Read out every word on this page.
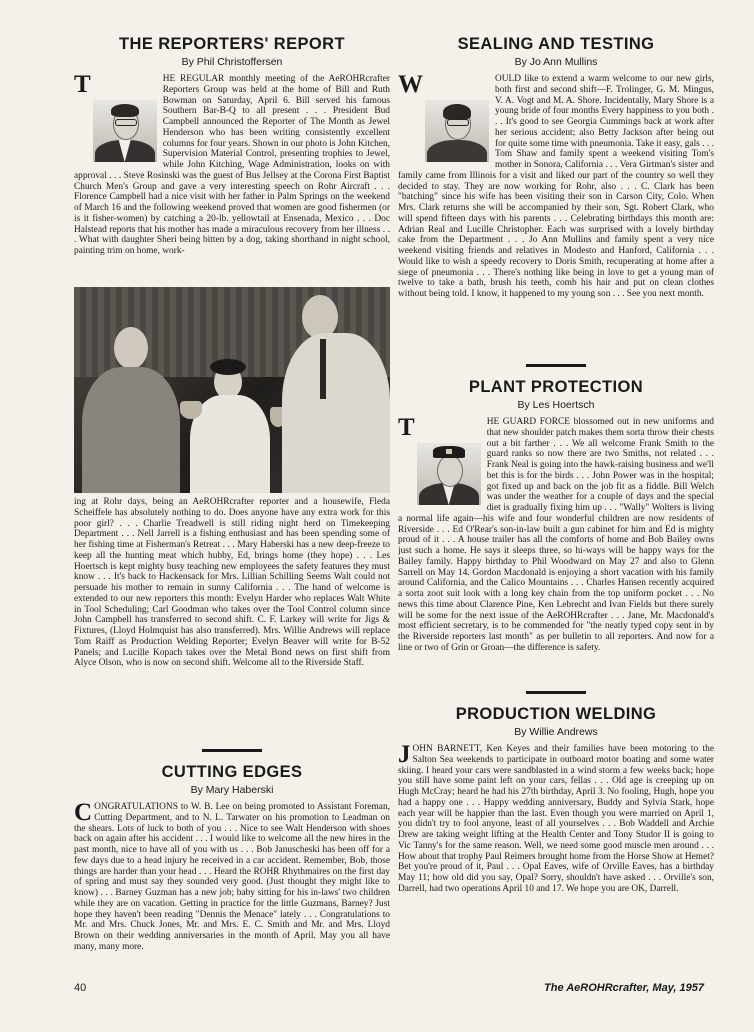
THE REPORTERS' REPORT
By Phil Christoffersen
T	HE REGULAR monthly meeting of the AeROHRcrafter Reporters Group was held at the home of Bill and Ruth Bowman on Saturday, April 6. Bill served his famous Southern Bar-B-Q to all present . . . President Bud Campbell announced the Reporter of The Month as Jewel Henderson who has been writing consistently excellent columns for four years. Shown in our photo is John Kitchen, Supervision Material Control, presenting trophies to Jewel, while John Kitching, Wage Administration, looks on with approval . . . Steve Rosinski was the guest of Bus Jellsey at the Corona First Baptist Church Men's Group and gave a very interesting speech on Rohr Aircraft . . . Florence Campbell had a nice visit with her father in Palm Springs on the weekend of March 16 and the following weekend proved that women are good fishermen (or is it fisher-women) by catching a 20-lb. yellowtail at Ensenada, Mexico . . . Doc Halstead reports that his mother has made a miraculous recovery from her illness . . . What with daughter Sheri being bitten by a dog, taking shorthand in night school, painting trim on home, work-
ing at Rohr days, being an AeROHRcrafter reporter and a housewife, Fleda Scheiffele has absolutely nothing to do. Does anyone have any extra work for this poor girl? . . . Charlie Treadwell is still riding night herd on Timekeeping Department . . . Nell Jarrell is a fishing enthusiast and has been spending some of her fishing time at Fisherman's Retreat . . . Mary Haberski has a new deep-freeze to keep all the hunting meat which hubby, Ed, brings home (they hope) . . . Les Hoertsch is kept mighty busy teaching new employees the safety features they must know . . . It's back to Hackensack for Mrs. Lillian Schilling Seems Walt could not persuade his mother to remain in sunny California . . . The hand of welcome is extended to our new reporters this month: Evelyn Harder who replaces Walt White in Tool Scheduling; Carl Goodman who takes over the Tool Control column since John Campbell has transferred to second shift. C. F. Larkey will write for Jigs & Fixtures, (Lloyd Holmquist has also transferred). Mrs. Willie Andrews will replace Tom Raiff as Production Welding Reporter; Evelyn Beaver will write for B-52 Panels; and Lucille Kopach takes over the Metal Bond news on first shift from Alyce Olson, who is now on second shift. Welcome all to the Riverside Staff.
CUTTING EDGES
By Mary Haberski
C ONGRATULATIONS to W. B. Lee on being promoted to Assistant Foreman, Cutting Department, and to N. L. Tarwater on his promotion to Leadman on the shears. Lots of luck to both of you . . . Nice to see Walt Henderson with shoes back on again after his accident . . . I would like to welcome all the new hires in the past month, nice to have all of you with us . . . Bob Januscheski has been off for a few days due to a head injury he received in a car accident. Remember, Bob, those things are harder than your head . . . Heard the ROHR Rhythmaires on the first day of spring and must say they sounded very good. (Just thought they might like to know) . . . Barney Guzman has a new job; baby sitting for his in-laws' two children while they are on vacation. Getting in practice for the little Guzmans, Barney? Just hope they haven't been reading "Dennis the Menace" lately . . . Congratulations to Mr. and Mrs. Chuck Jones, Mr. and Mrs. E. C. Smith and Mr. and Mrs. Lloyd Brown on their wedding anniversaries in the month of April. May you all have many, many more.
SEALING AND TESTING
By Jo Ann Mullins
W	OULD like to extend a warm welcome to our new girls, both first and second shift—F. Trolinger, G. M. Mingus, V. A. Vogt and M. A. Shore. Incidentally, Mary Shore is a young bride of four months Every happiness to you both . . . It's good to see Georgia Cummings back at work after her serious accident; also Betty Jackson after being out for quite some time with pneumonia. Take it easy, gals . . . Tom Shaw and family spent a weekend visiting Tom's mother in Sonora, California . . . Vera Girtman's sister and family came from Illinois for a visit and liked our part of the country so well they decided to stay. They are now working for Rohr, also . . . C. Clark has been "batching" since his wife has been visiting their son in Carson City, Colo. When Mrs. Clark returns she will be accompanied by their son, Sgt. Robert Clark, who will spend fifteen days with his parents . . . Celebrating birthdays this month are: Adrian Real and Lucille Christopher. Each was surprised with a lovely birthday cake from the Department . . . Jo Ann Mullins and family spent a very nice weekend visiting friends and relatives in Modesto and Hanford, California . . . Would like to wish a speedy recovery to Doris Smith, recuperating at home after a siege of pneumonia . . . There's nothing like being in love to get a young man of twelve to take a bath, brush his teeth, comb his hair and put on clean clothes without being told. I know, it happened to my young son . . . See you next month.
PLANT PROTECTION
By Les Hoertsch
T	HE GUARD FORCE blossomed out in new uniforms and that new shoulder patch makes them sorta throw their chests out a bit farther . . . We all welcome Frank Smith to the guard ranks so now there are two Smiths, not related . . . Frank Neal is going into the hawk-raising business and we'll bet this is for the birds . . . John Power was in the hospital; got fixed up and back on the job fit as a fiddle. Bill Welch was under the weather for a couple of days and the special diet is gradually fixing him up . . . "Wally" Wolters is living a normal life again—his wife and four wonderful children are now residents of Riverside . . . Ed O'Rear's son-in-law built a gun cabinet for him and Ed is mighty proud of it . . . A house trailer has all the comforts of home and Bob Bailey owns just such a home. He says it sleeps three, so hi-ways will be happy ways for the Bailey family. Happy birthday to Phil Woodward on May 27 and also to Glenn Sarrell on May 14. Gordon Macdonald is enjoying a short vacation with his family around California, and the Calico Mountains . . . Charles Hansen recently acquired a sorta zoot suit look with a long key chain from the top uniform pocket . . . No news this time about Clarence Pine, Ken Lebrecht and Ivan Fields but there surely will be some for the next issue of the AeROHRcrafter . . . Jane, Mr. Macdonald's most efficient secretary, is to be commended for "the neatly typed copy sent in by the Riverside reporters last month" as per bulletin to all reporters. And now for a line or two of Grin or Groan—the difference is safety.
PRODUCTION WELDING
By Willie Andrews
J OHN BARNETT, Ken Keyes and their families have been motoring to the Salton Sea weekends to participate in outboard motor boating and some water skiing. I heard your cars were sandblasted in a wind storm a few weeks back; hope you still have some paint left on your cars, fellas . . . Old age is creeping up on Hugh McCray; heard he had his 27th birthday, April 3. No fooling, Hugh, hope you had a happy one . . . Happy wedding anniversary, Buddy and Sylvia Stark, hope each year will be happier than the last. Even though you were married on April 1, you didn't try to fool anyone, least of all yourselves . . . Bob Waddell and Archie Drew are taking weight lifting at the Health Center and Tony Studor II is going to Vic Tanny's for the same reason. Well, we need some good muscle men around . . . How about that trophy Paul Reimers brought home from the Horse Show at Hemet? Bet you're proud of it, Paul . . . Opal Eaves, wife of Orville Eaves, has a birthday May 11; how old did you say, Opal? Sorry, shouldn't have asked . . . Orville's son, Darrell, had two operations April 10 and 17. We hope you are OK, Darrell.
40	The AeROHRcrafter, May, 1957
